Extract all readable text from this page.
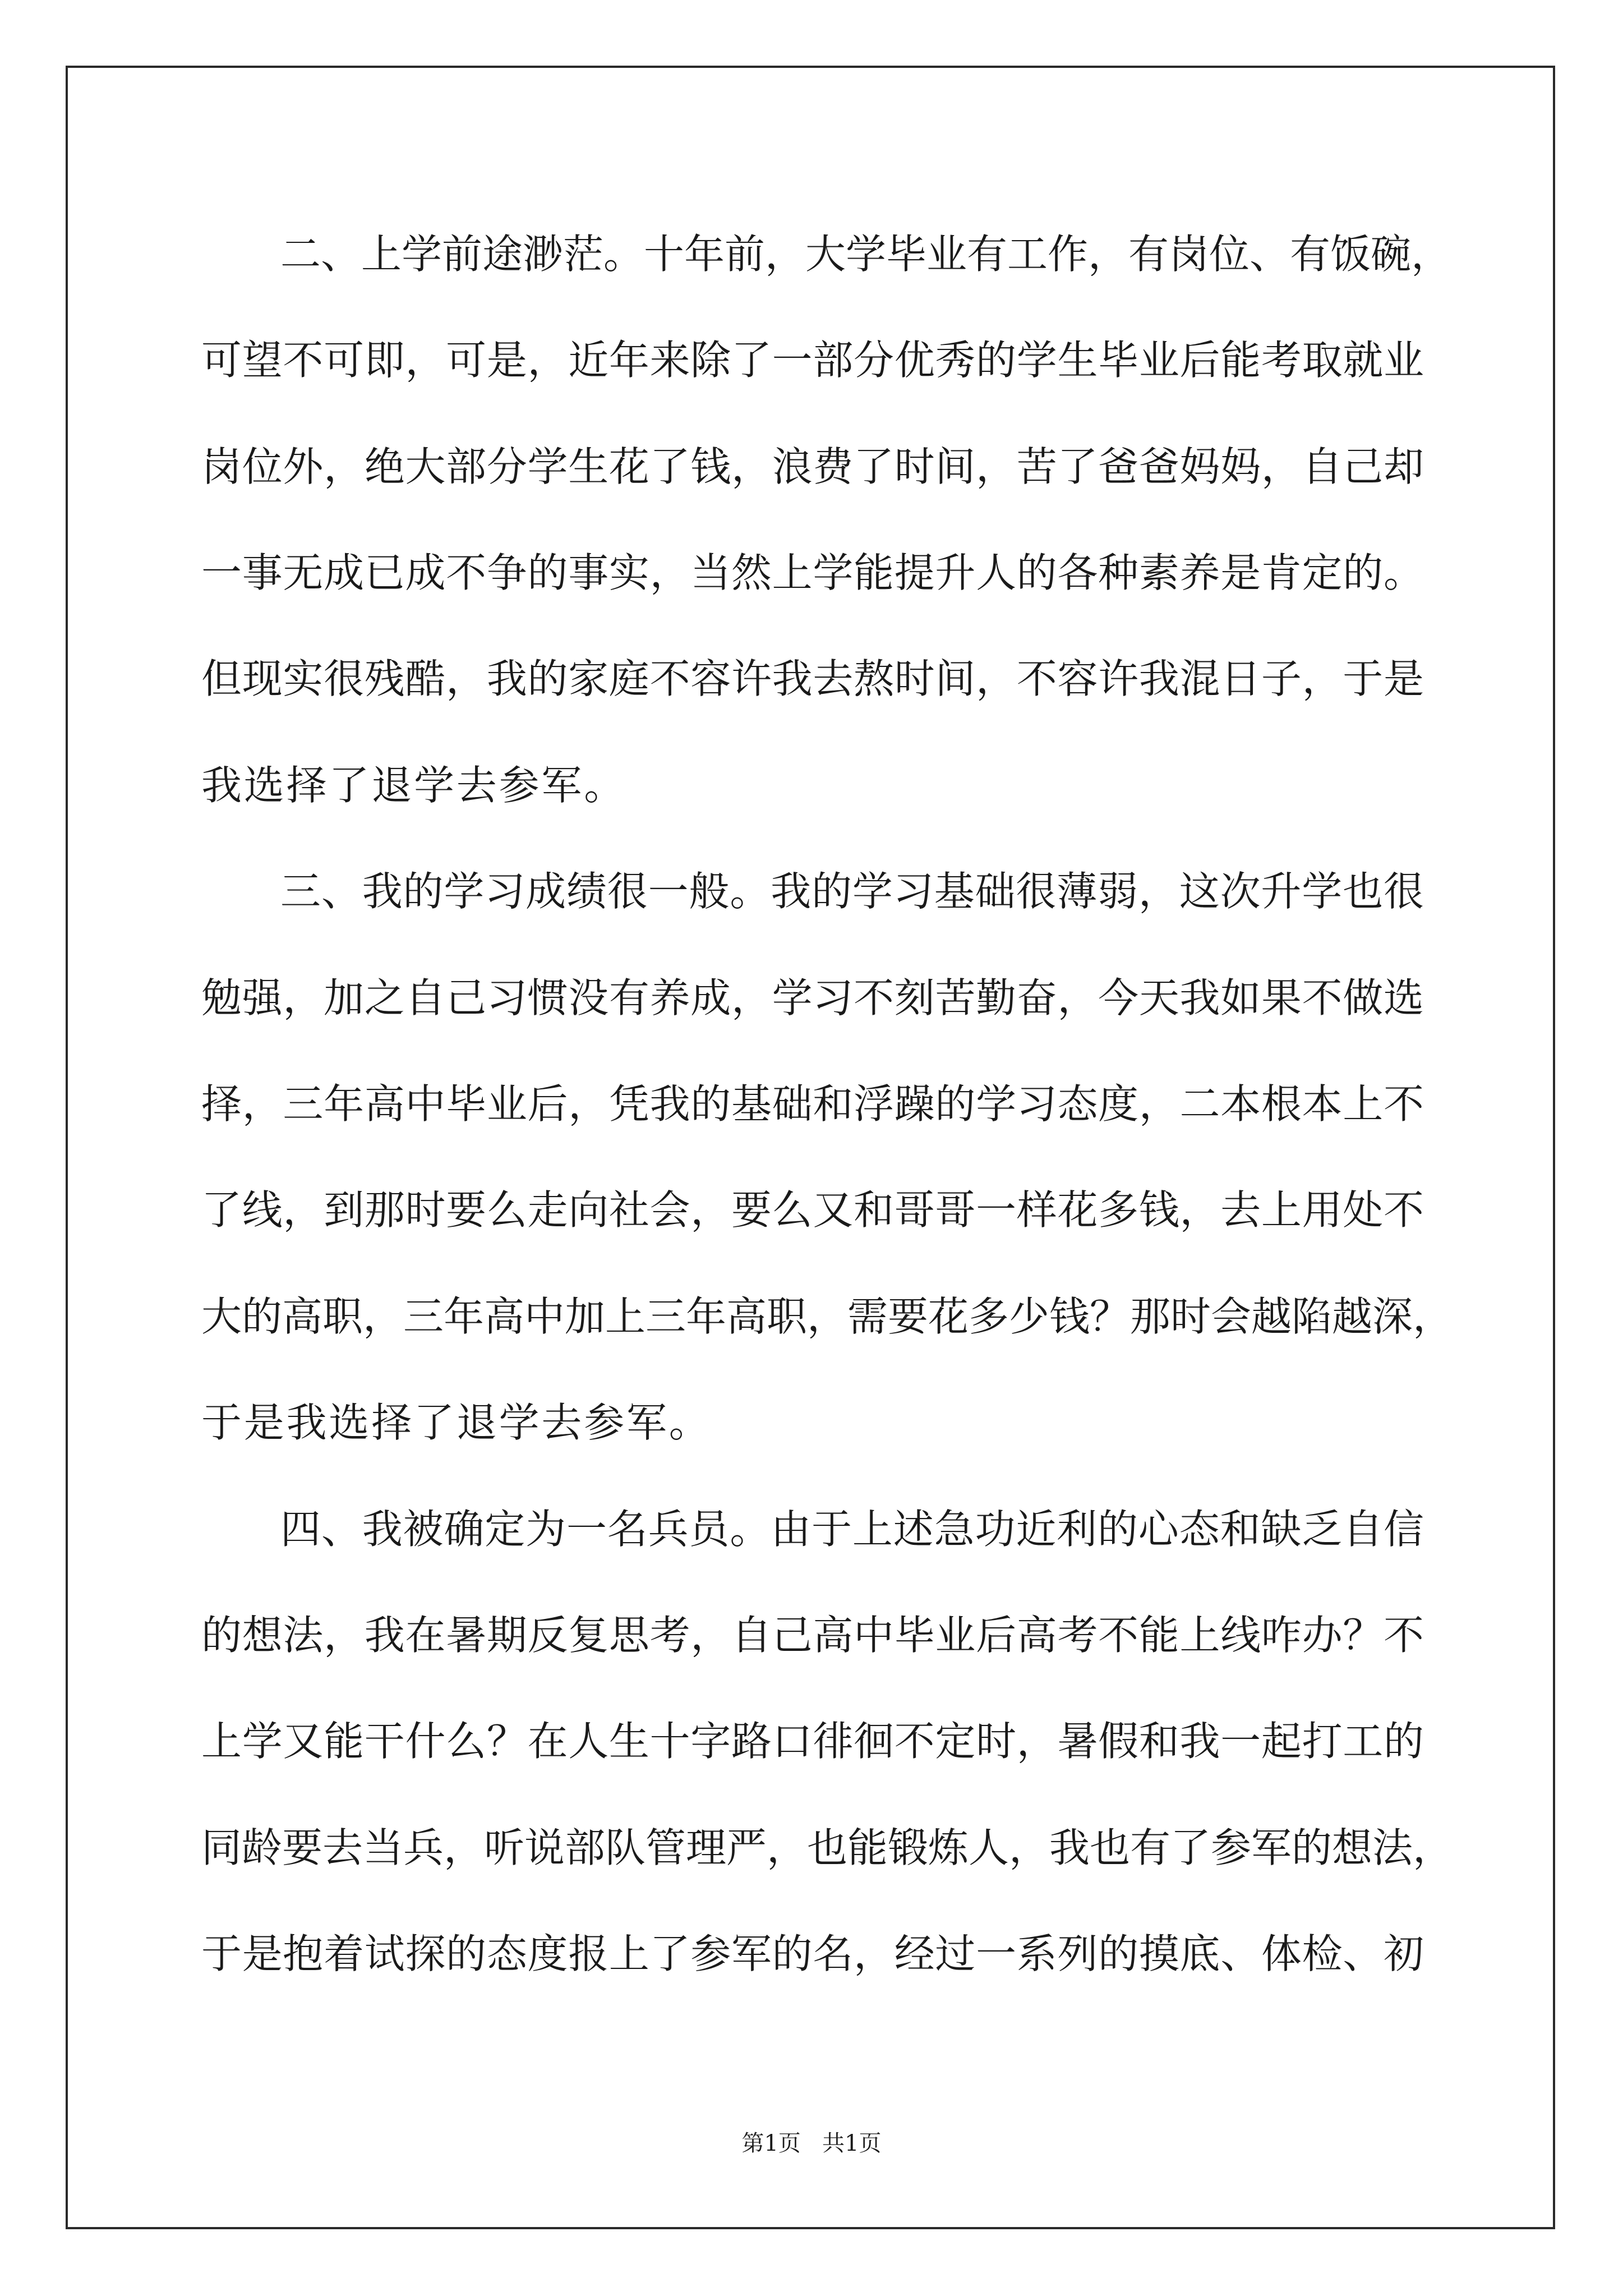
二、上学前途渺茫。十年前，大学毕业有工作，有岗位、有饭碗，

可望不可即，可是，近年来除了一部分优秀的学生毕业后能考取就业

岗位外，绝大部分学生花了钱，浪费了时间，苦了爸爸妈妈，自己却

一事无成已成不争的事实，当然上学能提升人的各种素养是肯定的。

但现实很残酷，我的家庭不容许我去熬时间，不容许我混日子，于是

我选择了退学去参军。

三、我的学习成绩很一般。我的学习基础很薄弱，这次升学也很

勉强，加之自己习惯没有养成，学习不刻苦勤奋，今天我如果不做选

择，三年高中毕业后，凭我的基础和浮躁的学习态度，二本根本上不

了线，到那时要么走向社会，要么又和哥哥一样花多钱，去上用处不

大的高职，三年高中加上三年高职，需要花多少钱？那时会越陷越深，

于是我选择了退学去参军。

四、我被确定为一名兵员。由于上述急功近利的心态和缺乏自信

的想法，我在暑期反复思考，自己高中毕业后高考不能上线咋办？不

上学又能干什么？在人生十字路口徘徊不定时，暑假和我一起打工的

同龄要去当兵，听说部队管理严，也能锻炼人，我也有了参军的想法，

于是抱着试探的态度报上了参军的名，经过一系列的摸底、体检、初

第1页   共1页
